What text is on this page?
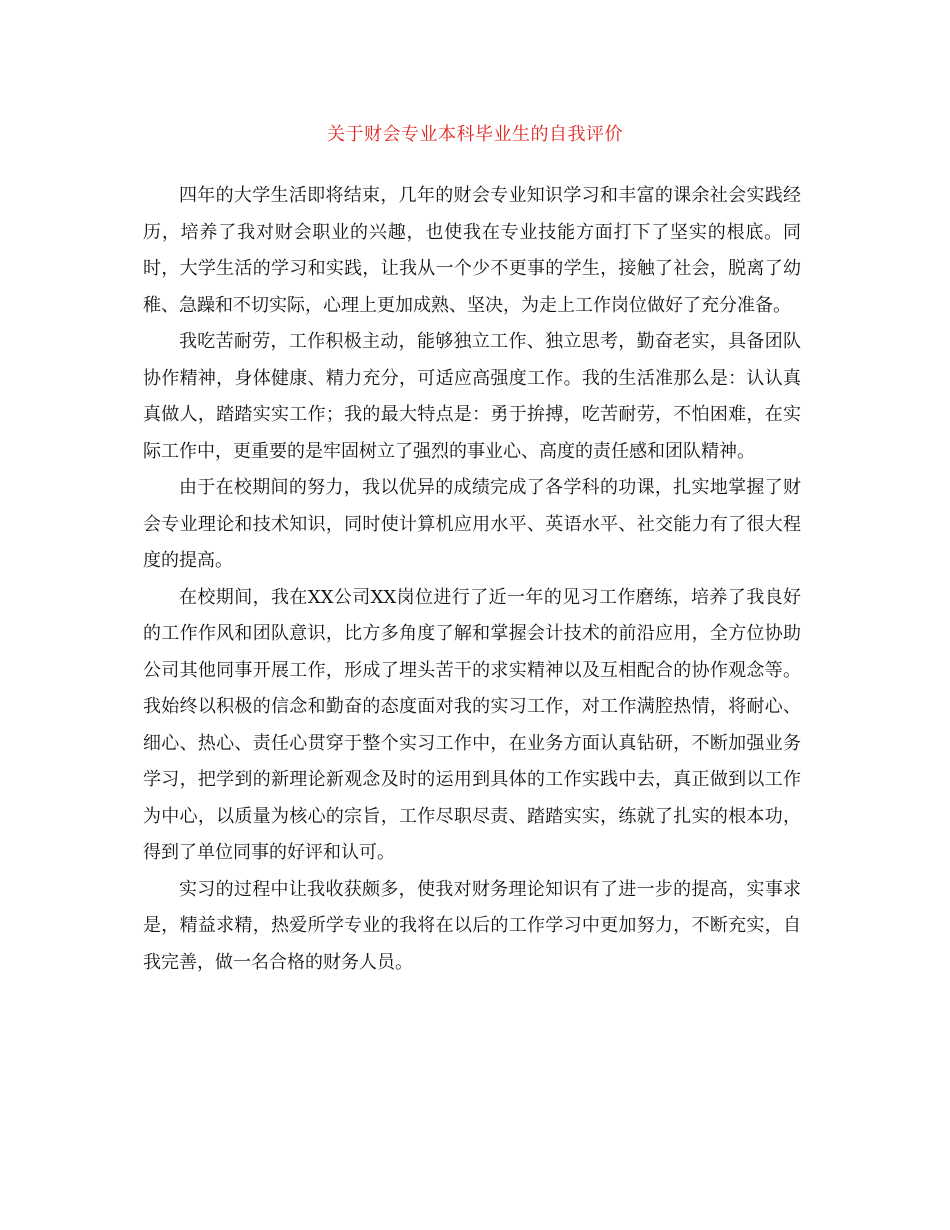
关于财会专业本科毕业生的自我评价

四年的大学生活即将结束，几年的财会专业知识学习和丰富的课余社会实践经历，培养了我对财会职业的兴趣，也使我在专业技能方面打下了坚实的根底。同时，大学生活的学习和实践，让我从一个少不更事的学生，接触了社会，脱离了幼稚、急躁和不切实际，心理上更加成熟、坚决，为走上工作岗位做好了充分准备。

我吃苦耐劳，工作积极主动，能够独立工作、独立思考，勤奋老实，具备团队协作精神，身体健康、精力充分，可适应高强度工作。我的生活准那么是：认认真真做人，踏踏实实工作；我的最大特点是：勇于拚搏，吃苦耐劳，不怕困难，在实际工作中，更重要的是牢固树立了强烈的事业心、高度的责任感和团队精神。

由于在校期间的努力，我以优异的成绩完成了各学科的功课，扎实地掌握了财会专业理论和技术知识，同时使计算机应用水平、英语水平、社交能力有了很大程度的提高。

在校期间，我在XX公司XX岗位进行了近一年的见习工作磨练，培养了我良好的工作作风和团队意识，比方多角度了解和掌握会计技术的前沿应用，全方位协助公司其他同事开展工作，形成了埋头苦干的求实精神以及互相配合的协作观念等。我始终以积极的信念和勤奋的态度面对我的实习工作，对工作满腔热情，将耐心、细心、热心、责任心贯穿于整个实习工作中，在业务方面认真钻研，不断加强业务学习，把学到的新理论新观念及时的运用到具体的工作实践中去，真正做到以工作为中心，以质量为核心的宗旨，工作尽职尽责、踏踏实实，练就了扎实的根本功，得到了单位同事的好评和认可。

实习的过程中让我收获颇多，使我对财务理论知识有了进一步的提高，实事求是，精益求精，热爱所学专业的我将在以后的工作学习中更加努力，不断充实，自我完善，做一名合格的财务人员。
